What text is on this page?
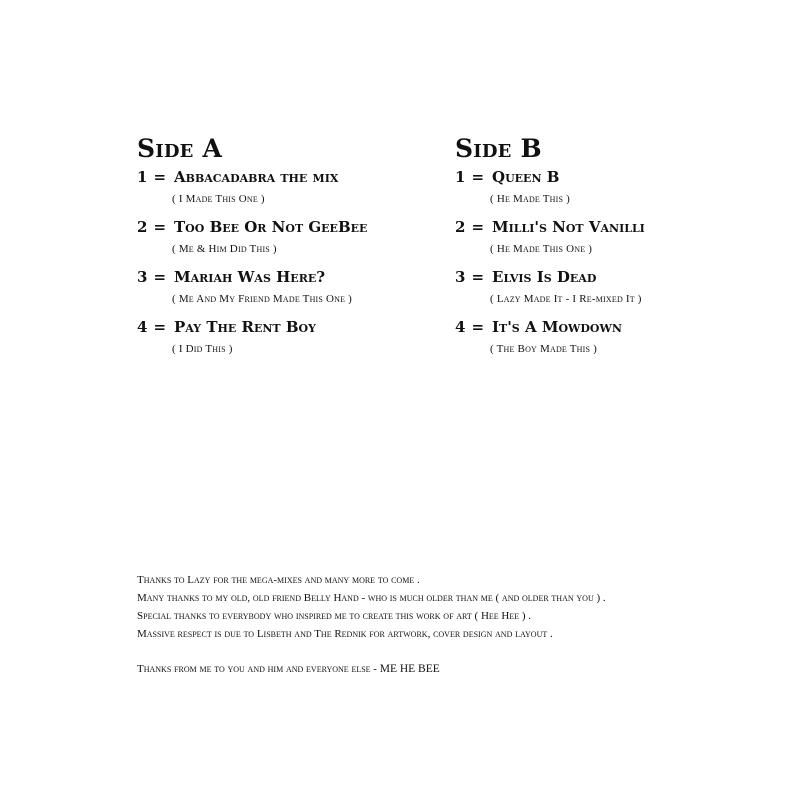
Side A
1 = Abbacadabra the mix
( I Made This One )
2 = Too Bee Or Not GeeBee
( Me & Him Did This )
3 = Mariah Was Here?
( Me And My Friend Made This One )
4 = Pay The Rent Boy
( I Did This )
Side B
1 = Queen B
( He Made This )
2 = Milli's Not Vanilli
( He Made This One )
3 = Elvis Is Dead
( Lazy Made It - I Re-mixed It )
4 = It's A Mowdown
( The Boy Made This )
Thanks to Lazy for the mega-mixes and many more to come .
Many thanks to my old, old friend Belly Hand - who is much older than me ( and older than you ) .
Special thanks to everybody who inspired me to create this work of art ( Hee Hee ) .
Massive respect is due to Lisbeth and The Rednik for artwork, cover design and layout .
Thanks from me to you and him and everyone else - ME HE BEE
